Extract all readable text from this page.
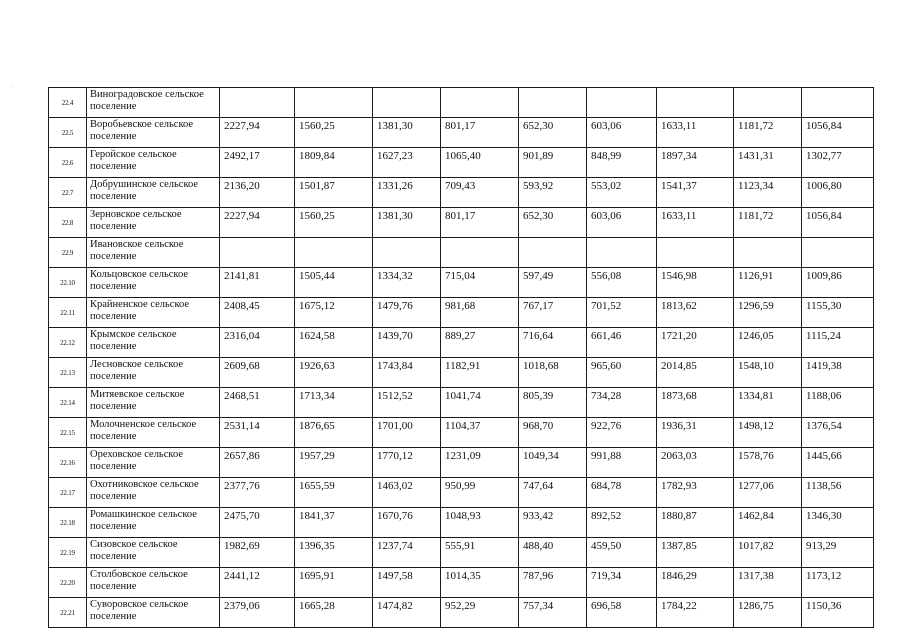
·
22.4	Виноградовское сельское поселение									
22.5	Воробьевское сельское поселение	2227,94	1560,25	1381,30	801,17	652,30	603,06	1633,11	1181,72	1056,84
22.6	Геройское сельское поселение	2492,17	1809,84	1627,23	1065,40	901,89	848,99	1897,34	1431,31	1302,77
22.7	Добрушинское сельское поселение	2136,20	1501,87	1331,26	709,43	593,92	553,02	1541,37	1123,34	1006,80
22.8	Зерновское сельское поселение	2227,94	1560,25	1381,30	801,17	652,30	603,06	1633,11	1181,72	1056,84
22.9	Ивановское сельское поселение									
22.10	Кольцовское сельское поселение	2141,81	1505,44	1334,32	715,04	597,49	556,08	1546,98	1126,91	1009,86
22.11	Крайненское сельское поселение	2408,45	1675,12	1479,76	981,68	767,17	701,52	1813,62	1296,59	1155,30
22.12	Крымское сельское поселение	2316,04	1624,58	1439,70	889,27	716,64	661,46	1721,20	1246,05	1115,24
22.13	Лесновское сельское поселение	2609,68	1926,63	1743,84	1182,91	1018,68	965,60	2014,85	1548,10	1419,38
22.14	Митяевское сельское поселение	2468,51	1713,34	1512,52	1041,74	805,39	734,28	1873,68	1334,81	1188,06
22.15	Молочненское сельское поселение	2531,14	1876,65	1701,00	1104,37	968,70	922,76	1936,31	1498,12	1376,54
22.16	Ореховское сельское поселение	2657,86	1957,29	1770,12	1231,09	1049,34	991,88	2063,03	1578,76	1445,66
22.17	Охотниковское сельское поселение	2377,76	1655,59	1463,02	950,99	747,64	684,78	1782,93	1277,06	1138,56
22.18	Ромашкинское сельское поселение	2475,70	1841,37	1670,76	1048,93	933,42	892,52	1880,87	1462,84	1346,30
22.19	Сизовское сельское поселение	1982,69	1396,35	1237,74	555,91	488,40	459,50	1387,85	1017,82	913,29
22.20	Столбовское сельское поселение	2441,12	1695,91	1497,58	1014,35	787,96	719,34	1846,29	1317,38	1173,12
22.21	Суворовское сельское поселение	2379,06	1665,28	1474,82	952,29	757,34	696,58	1784,22	1286,75	1150,36
